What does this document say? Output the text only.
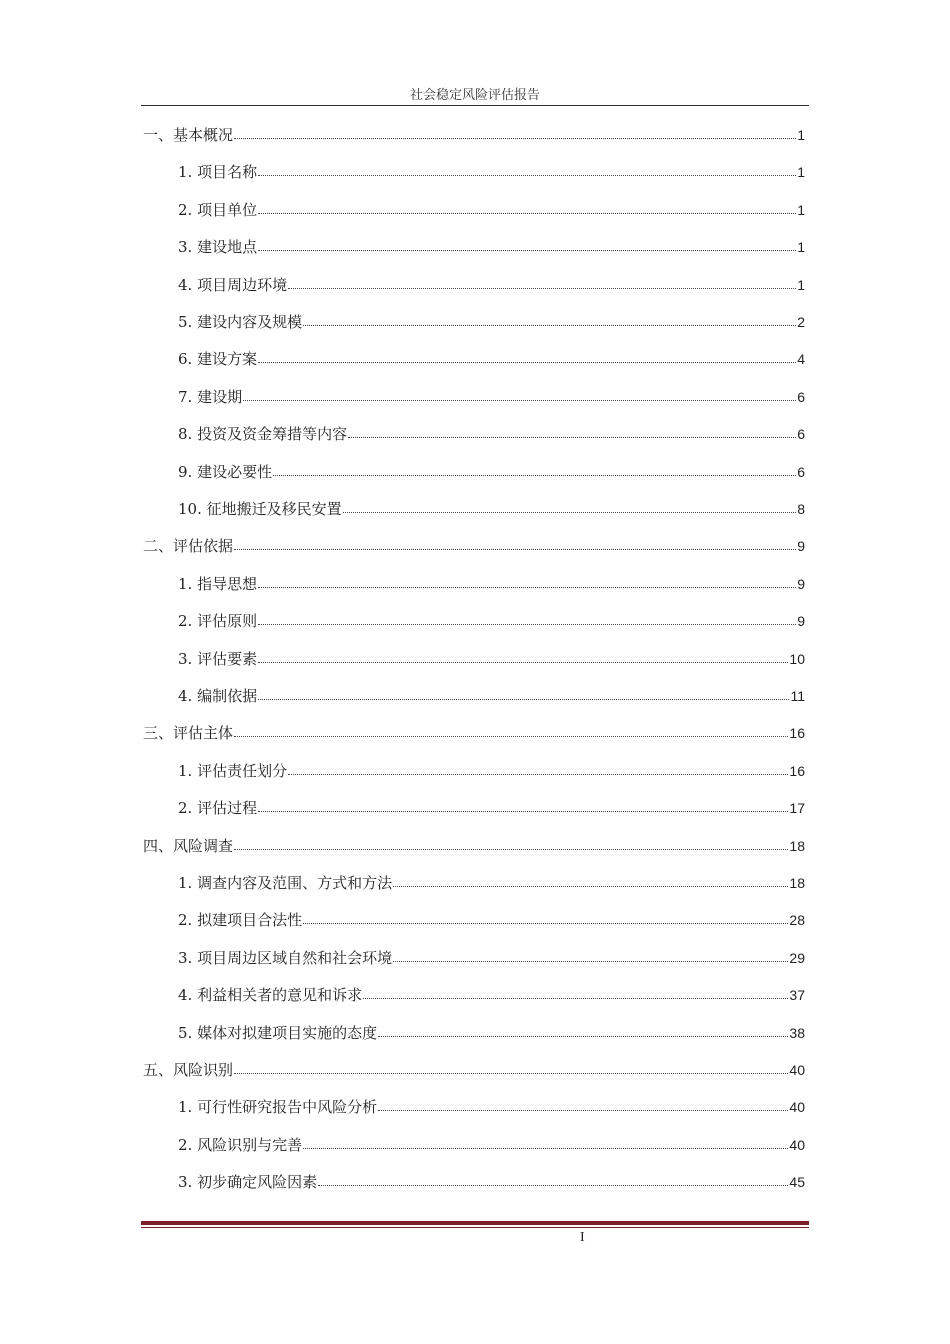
社会稳定风险评估报告
一、基本概况	1
1. 项目名称	1
2. 项目单位	1
3. 建设地点	1
4. 项目周边环境	1
5. 建设内容及规模	2
6. 建设方案	4
7. 建设期	6
8. 投资及资金筹措等内容	6
9. 建设必要性	6
10. 征地搬迁及移民安置	8
二、评估依据	9
1. 指导思想	9
2. 评估原则	9
3. 评估要素	10
4. 编制依据	11
三、评估主体	16
1. 评估责任划分	16
2. 评估过程	17
四、风险调查	18
1. 调查内容及范围、方式和方法	18
2. 拟建项目合法性	28
3. 项目周边区域自然和社会环境	29
4. 利益相关者的意见和诉求	37
5. 媒体对拟建项目实施的态度	38
五、风险识别	40
1. 可行性研究报告中风险分析	40
2. 风险识别与完善	40
3. 初步确定风险因素	45
I
